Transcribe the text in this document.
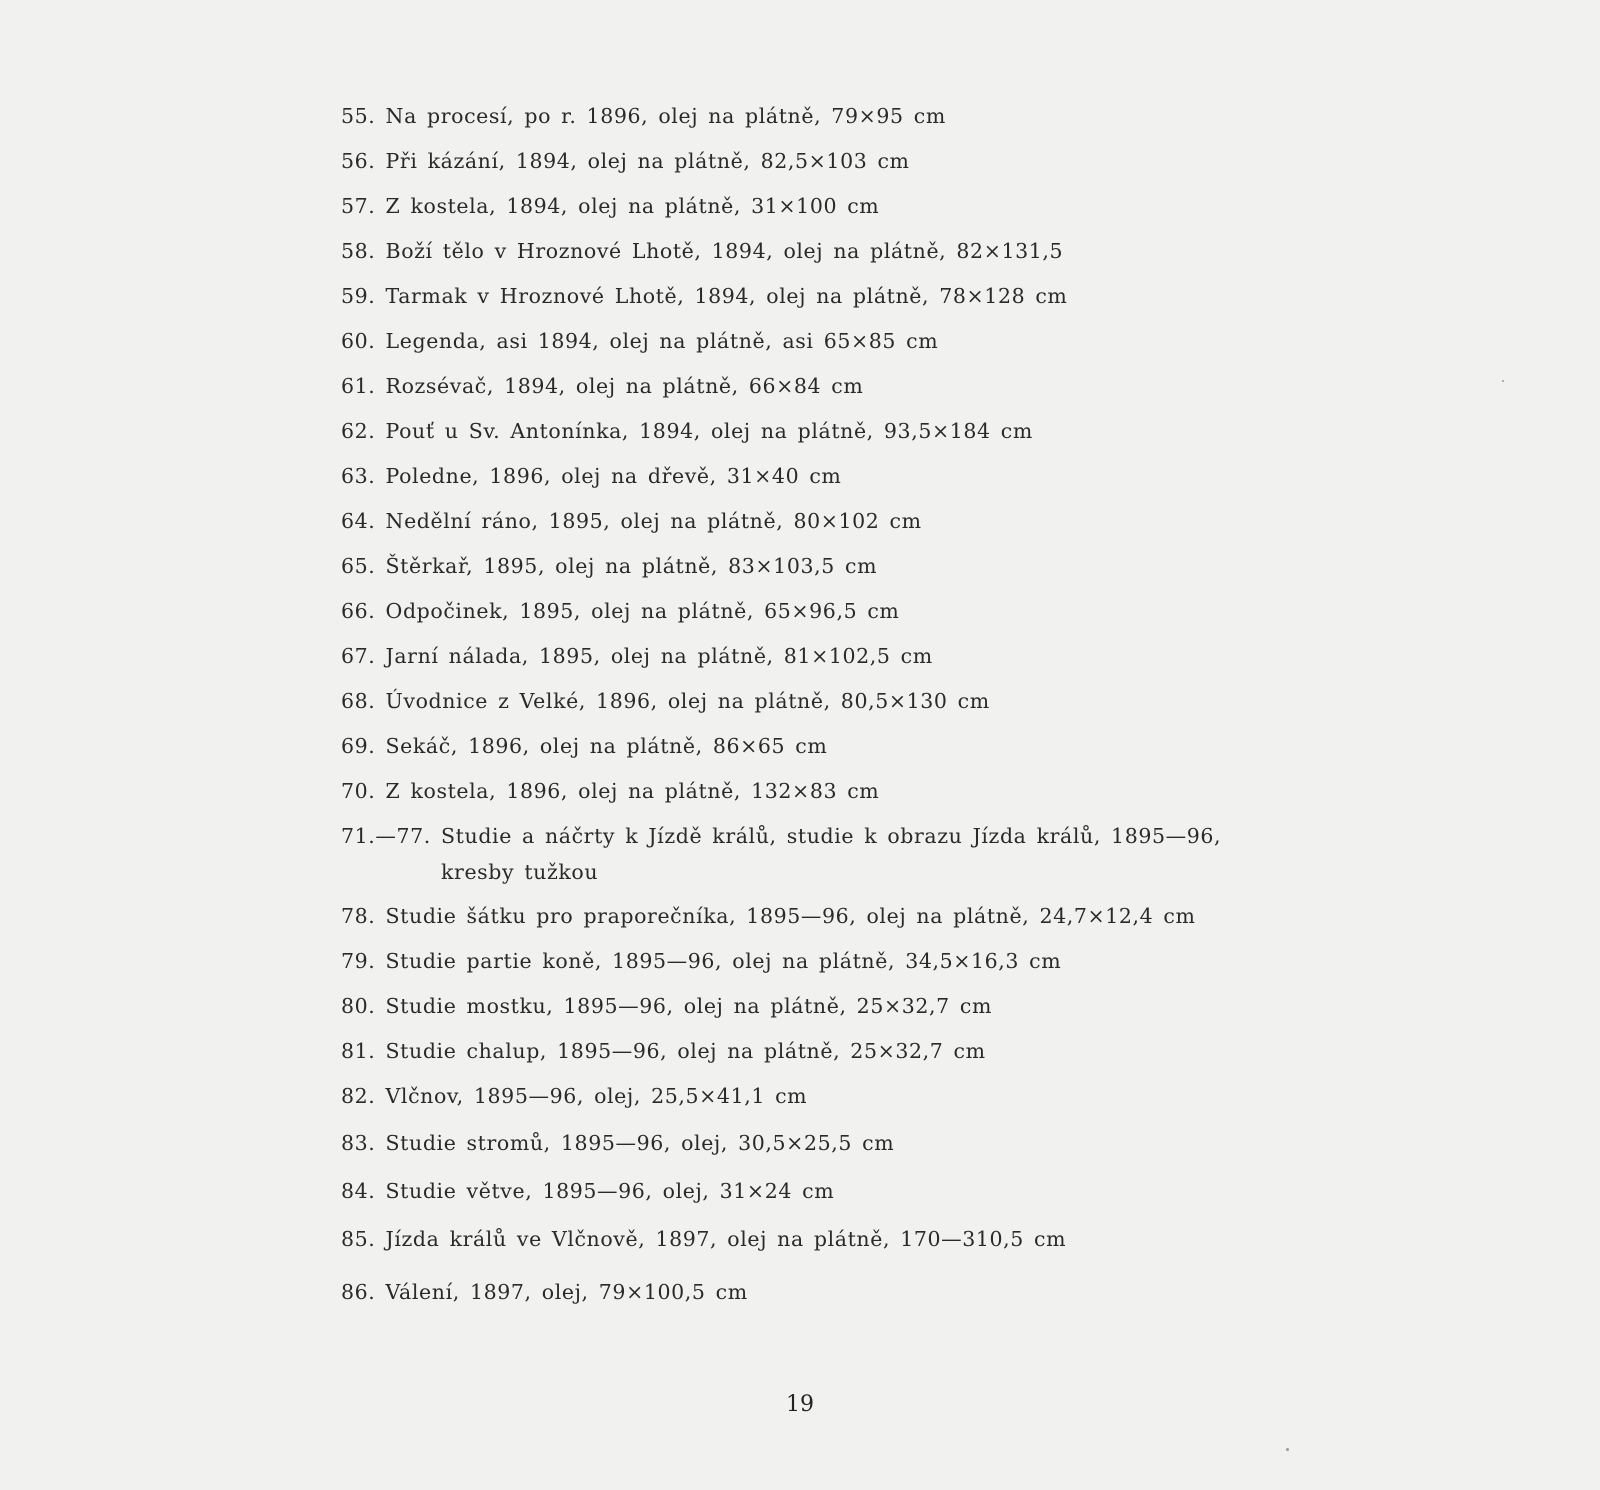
55. Na procesí, po r. 1896, olej na plátně, 79×95 cm
56. Při kázání, 1894, olej na plátně, 82,5×103 cm
57. Z kostela, 1894, olej na plátně, 31×100 cm
58. Boží tělo v Hroznové Lhotě, 1894, olej na plátně, 82×131,5
59. Tarmak v Hroznové Lhotě, 1894, olej na plátně, 78×128 cm
60. Legenda, asi 1894, olej na plátně, asi 65×85 cm
61. Rozsévač, 1894, olej na plátně, 66×84 cm
62. Pouť u Sv. Antonínka, 1894, olej na plátně, 93,5×184 cm
63. Poledne, 1896, olej na dřevě, 31×40 cm
64. Nedělní ráno, 1895, olej na plátně, 80×102 cm
65. Štěrkař, 1895, olej na plátně, 83×103,5 cm
66. Odpočinek, 1895, olej na plátně, 65×96,5 cm
67. Jarní nálada, 1895, olej na plátně, 81×102,5 cm
68. Úvodnice z Velké, 1896, olej na plátně, 80,5×130 cm
69. Sekáč, 1896, olej na plátně, 86×65 cm
70. Z kostela, 1896, olej na plátně, 132×83 cm
71.—77. Studie a náčrty k Jízdě králů, studie k obrazu Jízda králů, 1895—96, kresby tužkou
78. Studie šátku pro praporečníka, 1895—96, olej na plátně, 24,7×12,4 cm
79. Studie partie koně, 1895—96, olej na plátně, 34,5×16,3 cm
80. Studie mostku, 1895—96, olej na plátně, 25×32,7 cm
81. Studie chalup, 1895—96, olej na plátně, 25×32,7 cm
82. Vlčnov, 1895—96, olej, 25,5×41,1 cm
83. Studie stromů, 1895—96, olej, 30,5×25,5 cm
84. Studie větve, 1895—96, olej, 31×24 cm
85. Jízda králů ve Vlčnově, 1897, olej na plátně, 170—310,5 cm
86. Válení, 1897, olej, 79×100,5 cm
19
